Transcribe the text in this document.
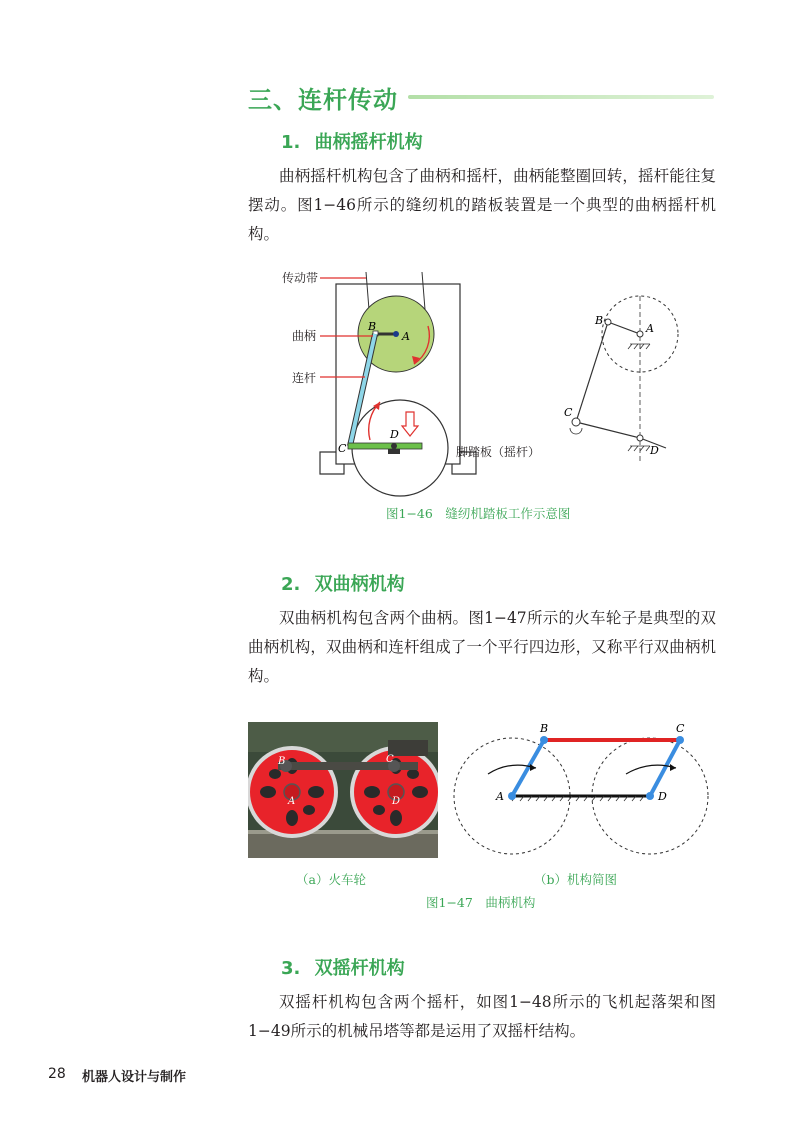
三、连杆传动
1. 曲柄摇杆机构
曲柄摇杆机构包含了曲柄和摇杆，曲柄能整圈回转，摇杆能往复摆动。图1−46所示的缝纫机的踏板装置是一个典型的曲柄摇杆机构。
传动带
曲柄
连杆
脚踏板（摇杆）
B
A
C
D
B
A
C
D
图1−46　缝纫机踏板工作示意图
2. 双曲柄机构
双曲柄机构包含两个曲柄。图1−47所示的火车轮子是典型的双曲柄机构，双曲柄和连杆组成了一个平行四边形，又称平行双曲柄机构。
B	C
A	D
B	C
A	D
（a）火车轮	（b）机构简图
图1−47　曲柄机构
3. 双摇杆机构
双摇杆机构包含两个摇杆，如图1−48所示的飞机起落架和图1−49所示的机械吊塔等都是运用了双摇杆结构。
28 机器人设计与制作
